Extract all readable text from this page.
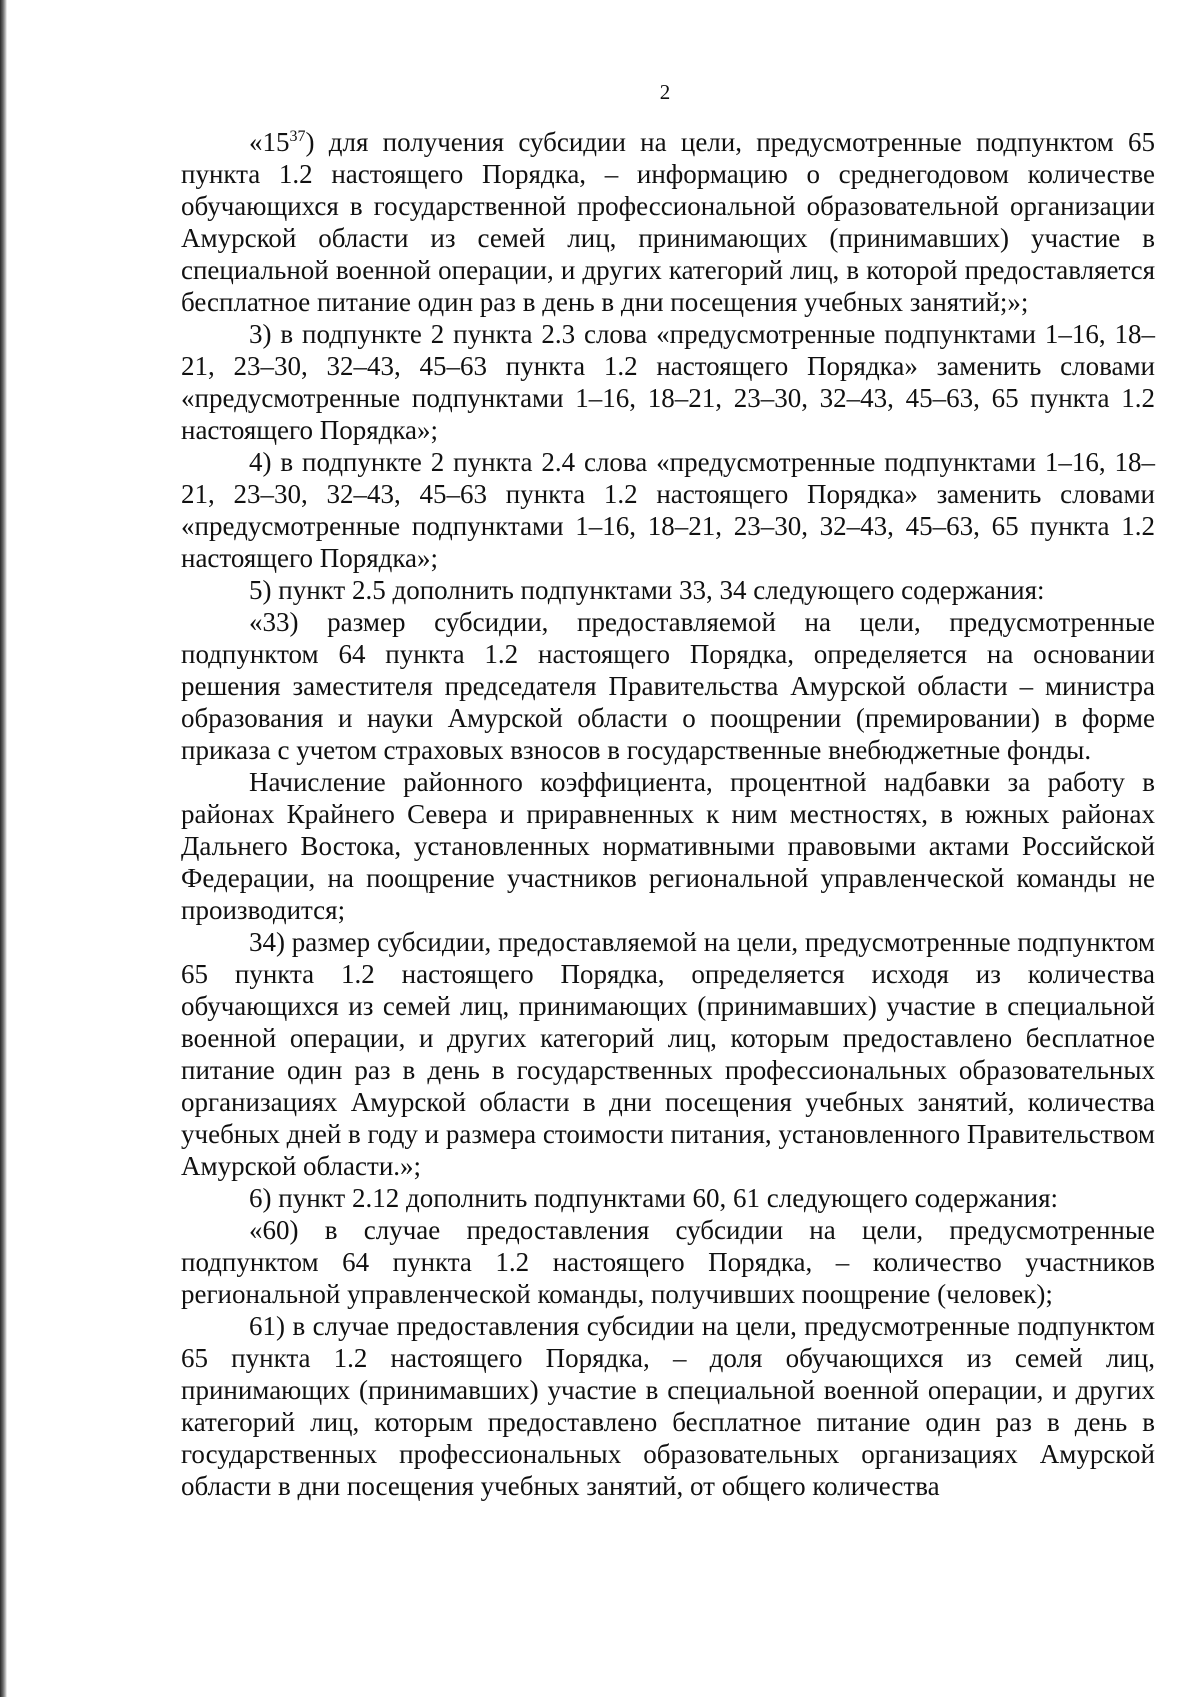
2

«$15^{37}$) для получения субсидии на цели, предусмотренные подпунктом 65 пункта 1.2 настоящего Порядка, – информацию о среднегодовом количестве обучающихся в государственной профессиональной образовательной организации Амурской области из семей лиц, принимающих (принимавших) участие в специальной военной операции, и других категорий лиц, в которой предоставляется бесплатное питание один раз в день в дни посещения учебных занятий;»;

3) в подпункте 2 пункта 2.3 слова «предусмотренные подпунктами 1–16, 18–21, 23–30, 32–43, 45–63 пункта 1.2 настоящего Порядка» заменить словами «предусмотренные подпунктами 1–16, 18–21, 23–30, 32–43, 45–63, 65 пункта 1.2 настоящего Порядка»;

4) в подпункте 2 пункта 2.4 слова «предусмотренные подпунктами 1–16, 18–21, 23–30, 32–43, 45–63 пункта 1.2 настоящего Порядка» заменить словами «предусмотренные подпунктами 1–16, 18–21, 23–30, 32–43, 45–63, 65 пункта 1.2 настоящего Порядка»;

5) пункт 2.5 дополнить подпунктами 33, 34 следующего содержания:

«33) размер субсидии, предоставляемой на цели, предусмотренные подпунктом 64 пункта 1.2 настоящего Порядка, определяется на основании решения заместителя председателя Правительства Амурской области – министра образования и науки Амурской области о поощрении (премировании) в форме приказа с учетом страховых взносов в государственные внебюджетные фонды.

Начисление районного коэффициента, процентной надбавки за работу в районах Крайнего Севера и приравненных к ним местностях, в южных районах Дальнего Востока, установленных нормативными правовыми актами Российской Федерации, на поощрение участников региональной управленческой команды не производится;

34) размер субсидии, предоставляемой на цели, предусмотренные подпунктом 65 пункта 1.2 настоящего Порядка, определяется исходя из количества обучающихся из семей лиц, принимающих (принимавших) участие в специальной военной операции, и других категорий лиц, которым предоставлено бесплатное питание один раз в день в государственных профессиональных образовательных организациях Амурской области в дни посещения учебных занятий, количества учебных дней в году и размера стоимости питания, установленного Правительством Амурской области.»;

6) пункт 2.12 дополнить подпунктами 60, 61 следующего содержания:

«60) в случае предоставления субсидии на цели, предусмотренные подпунктом 64 пункта 1.2 настоящего Порядка, – количество участников региональной управленческой команды, получивших поощрение (человек);

61) в случае предоставления субсидии на цели, предусмотренные подпунктом 65 пункта 1.2 настоящего Порядка, – доля обучающихся из семей лиц, принимающих (принимавших) участие в специальной военной операции, и других категорий лиц, которым предоставлено бесплатное питание один раз в день в государственных профессиональных образовательных организациях Амурской области в дни посещения учебных занятий, от общего количества
